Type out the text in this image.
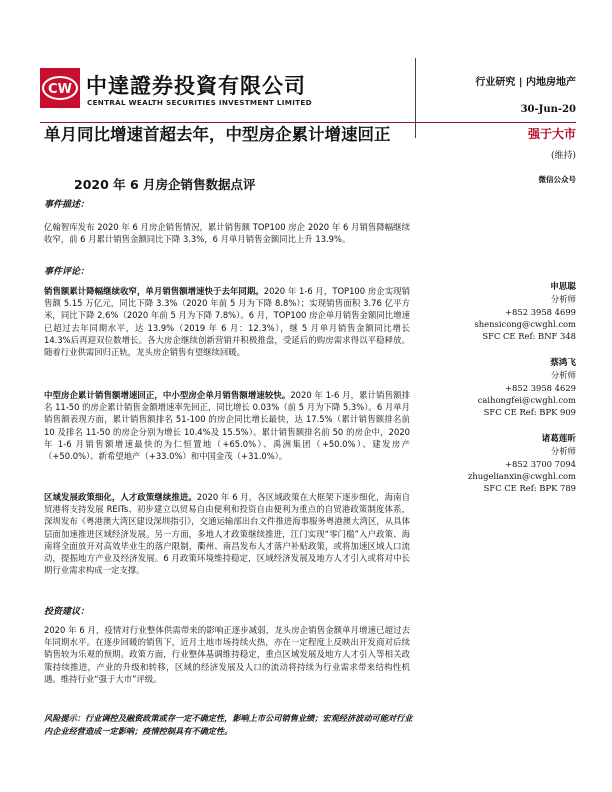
CW 中達證券投資有限公司
CENTRAL WEALTH SECURITIES INVESTMENT LIMITED
行业研究 | 内地房地产
30-Jun-20
单月同比增速首超去年，中型房企累计增速回正
2020 年 6 月房企销售数据点评
事件描述：
亿翰智库发布 2020 年 6 月房企销售情况，累计销售额 TOP100 房企 2020 年 6 月销售降幅继续收窄，前 6 月累计销售金额同比下降 3.3%，6 月单月销售金额同比上升 13.9%。
事件评论：
销售额累计降幅继续收窄，单月销售额增速快于去年同期。2020 年 1-6 月，TOP100 房企实现销售额 5.15 万亿元，同比下降 3.3%（2020 年前 5 月为下降 8.8%）；实现销售面积 3.76 亿平方米，同比下降 2.6%（2020 年前 5 月为下降 7.8%）。6 月，TOP100 房企单月销售金额同比增速已超过去年同期水平，达 13.9%（2019 年 6 月：12.3%），继 5 月单月销售金额同比增长 14.3%后再迎双位数增长。各大房企继续创新营销并积极推盘，受延后的购房需求得以平稳释放。随着行业供需回归正轨，龙头房企销售有望继续回暖。
中型房企累计销售额增速回正，中小型房企单月销售额增速较快。2020 年 1-6 月，累计销售额排名 11-50 的房企累计销售金额增速率先回正，同比增长 0.03%（前 5 月为下降 5.3%）。6 月单月销售额表现方面，累计销售额排名 51-100 的房企同比增长最快，达 17.5%（累计销售额排名前 10 及排名 11-50 的房企分别为增长 10.4%及 15.5%）。累计销售额排名前 50 的房企中，2020 年 1-6 月销售额增速最快的为仁恒置地（+65.0%）、禹洲集团（+50.0%）、建发房产（+50.0%）、新希望地产（+33.0%）和中国金茂（+31.0%）。
区域发展政策细化，人才政策继续推进。2020 年 6 月，各区域政策在大框架下逐步细化，海南自贸港将支持发展 REITs、初步建立以贸易自由便利和投资自由便利为重点的自贸港政策制度体系，深圳发布《粤港澳大湾区建设深圳指引》，交通运输部出台文件推进海事服务粤港澳大湾区，从具体层面加速推进区域经济发展。另一方面，多地人才政策继续推进，江门实现“零门槛”入户政策、海南将全面放开对高效毕业生的落户限制，衢州、南昌发布人才落户补贴政策，或将加速区域人口流动，提振地方产业及经济发展。6 月政策环境维持稳定，区域经济发展及地方人才引入或将对中长期行业需求构成一定支撑。
投资建议：
2020 年 6 月，疫情对行业整体供需带来的影响正逐步减弱，龙头房企销售金额单月增速已超过去年同期水平。在逐步回暖的销售下，近月土地市场持续火热，亦在一定程度上反映出开发商对后续销售较为乐观的预期。政策方面，行业整体基调维持稳定，重点区域发展及地方人才引入等相关政策持续推进，产业的升级和转移，区域的经济发展及人口的流动将持续为行业需求带来结构性机遇。维持行业“强于大市”评级。
风险提示：行业调控及融资政策或存一定不确定性，影响上市公司销售业绩；宏观经济波动可能对行业内企业经营造成一定影响；疫情控制具有不确定性。
强于大市
(维持)
微信公众号
申思聪
分析师
+852 3958 4699
shensicong@cwghl.com
SFC CE Ref: BNF 348
蔡鸿飞
分析师
+852 3958 4629
caihongfei@cwghl.com
SFC CE Ref: BPK 909
诸葛莲昕
分析师
+852 3700 7094
zhugelianxin@cwghl.com
SFC CE Ref: BPK 789
